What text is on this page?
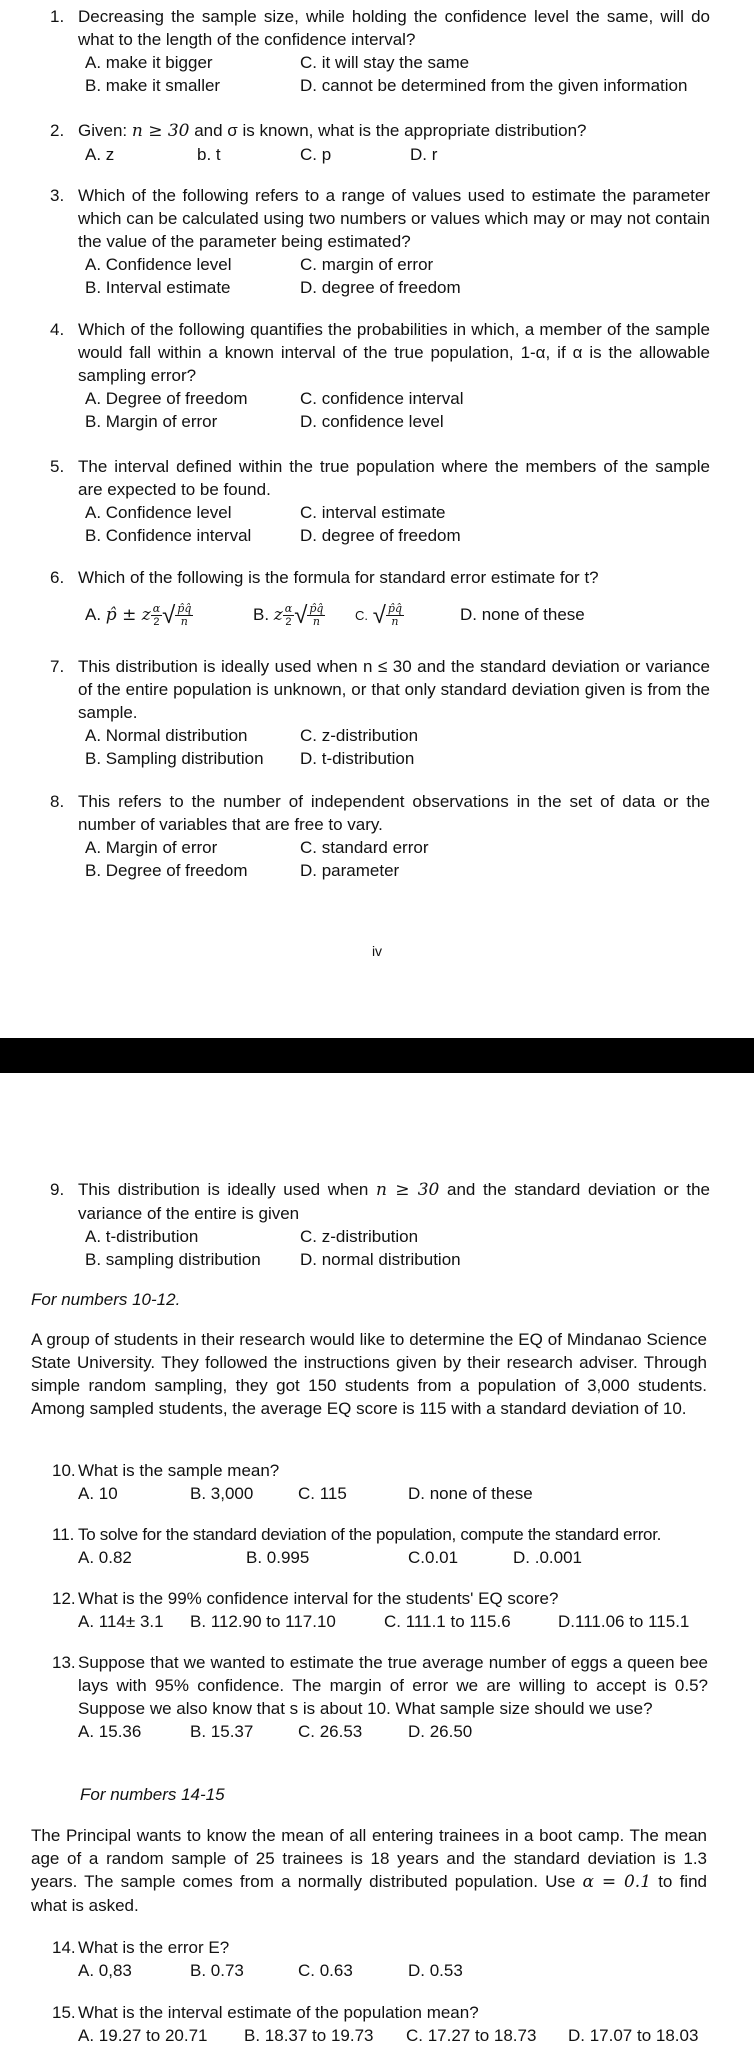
1. Decreasing the sample size, while holding the confidence level the same, will do what to the length of the confidence interval?
A. make it bigger	C. it will stay the same
B. make it smaller	D. cannot be determined from the given information
2. Given: n ≥ 30 and σ is known, what is the appropriate distribution?
A. z	b. t	C. p	D. r
3. Which of the following refers to a range of values used to estimate the parameter which can be calculated using two numbers or values which may or may not contain the value of the parameter being estimated?
A. Confidence level	C. margin of error
B. Interval estimate	D. degree of freedom
4. Which of the following quantifies the probabilities in which, a member of the sample would fall within a known interval of the true population, 1-α, if α is the allowable sampling error?
A. Degree of freedom	C. confidence interval
B. Margin of error	D. confidence level
5. The interval defined within the true population where the members of the sample are expected to be found.
A. Confidence level	C. interval estimate
B. Confidence interval	D. degree of freedom
6. Which of the following is the formula for standard error estimate for t?
A. p̂ ± z $\frac{\alpha}{2}$ √ $\frac{p̂q̂}{n}$	B. z $\frac{\alpha}{2}$ √ $\frac{p̂q̂}{n} C$. √ $\frac{p̂q̂}{n}$	D. none of these
7. This distribution is ideally used when n ≤ 30 and the standard deviation or variance of the entire population is unknown, or that only standard deviation given is from the sample.
A. Normal distribution	C. z-distribution
B. Sampling distribution D. t-distribution
8. This refers to the number of independent observations in the set of data or the number of variables that are free to vary.
A. Margin of error	C. standard error
B. Degree of freedom	D. parameter
iv
9. This distribution is ideally used when n ≥ 30 and the standard deviation or the variance of the entire is given
A. t-distribution	C. z-distribution
B. sampling distribution D. normal distribution
For numbers 10-12.
A group of students in their research would like to determine the EQ of Mindanao Science State University. They followed the instructions given by their research adviser. Through simple random sampling, they got 150 students from a population of 3,000 students. Among sampled students, the average EQ score is 115 with a standard deviation of 10.
10. What is the sample mean?
A. 10	B. 3,000	C. 115	D. none of these
11. To solve for the standard deviation of the population, compute the standard error.
A. 0.82	B. 0.995	C.0.01	D. .0.001
12. What is the 99% confidence interval for the students' EQ score?
A. 114± 3.1 B. 112.90 to 117.10	C. 111.1 to 115.6	D.111.06 to 115.1
13. Suppose that we wanted to estimate the true average number of eggs a queen bee lays with 95% confidence. The margin of error we are willing to accept is 0.5? Suppose we also know that s is about 10. What sample size should we use?
A. 15.36	B. 15.37	C. 26.53	D. 26.50
For numbers 14-15
The Principal wants to know the mean of all entering trainees in a boot camp. The mean age of a random sample of 25 trainees is 18 years and the standard deviation is 1.3 years. The sample comes from a normally distributed population. Use α = 0.1 to find what is asked.
14. What is the error E?
A. 0,83	B. 0.73	C. 0.63	D. 0.53
15. What is the interval estimate of the population mean?
A. 19.27 to 20.71 B. 18.37 to 19.73 C. 17.27 to 18.73 D. 17.07 to 18.03
